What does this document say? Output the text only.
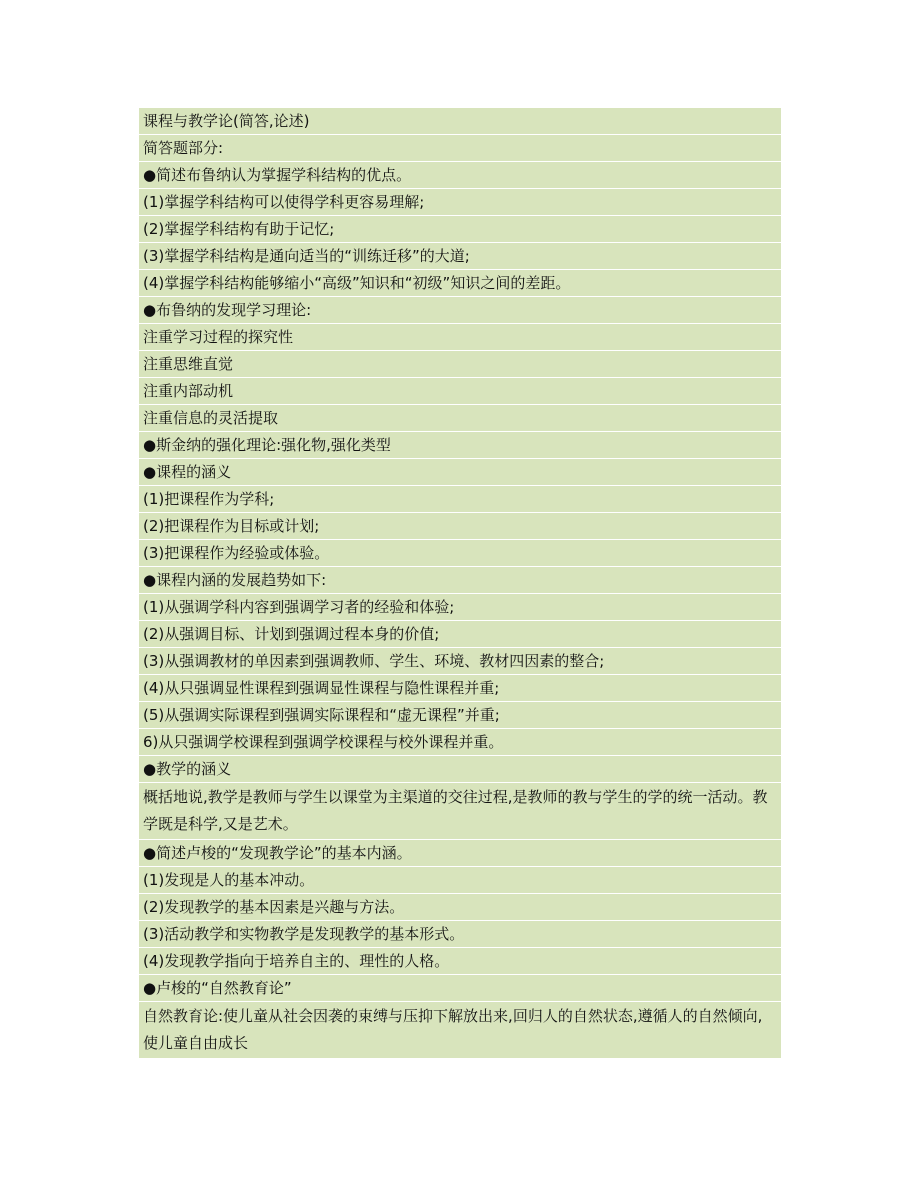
课程与教学论(简答,论述)
简答题部分:
●简述布鲁纳认为掌握学科结构的优点。
(1)掌握学科结构可以使得学科更容易理解;
(2)掌握学科结构有助于记忆;
(3)掌握学科结构是通向适当的“训练迁移”的大道;
(4)掌握学科结构能够缩小“高级”知识和“初级”知识之间的差距。
●布鲁纳的发现学习理论:
注重学习过程的探究性
注重思维直觉
注重内部动机
注重信息的灵活提取
●斯金纳的强化理论:强化物,强化类型
●课程的涵义
(1)把课程作为学科;
(2)把课程作为目标或计划;
(3)把课程作为经验或体验。
●课程内涵的发展趋势如下:
(1)从强调学科内容到强调学习者的经验和体验;
(2)从强调目标、计划到强调过程本身的价值;
(3)从强调教材的单因素到强调教师、学生、环境、教材四因素的整合;
(4)从只强调显性课程到强调显性课程与隐性课程并重;
(5)从强调实际课程到强调实际课程和“虚无课程”并重;
6)从只强调学校课程到强调学校课程与校外课程并重。
●教学的涵义
概括地说,教学是教师与学生以课堂为主渠道的交往过程,是教师的教与学生的学的统一活动。教学既是科学,又是艺术。
●简述卢梭的“发现教学论”的基本内涵。
(1)发现是人的基本冲动。
(2)发现教学的基本因素是兴趣与方法。
(3)活动教学和实物教学是发现教学的基本形式。
(4)发现教学指向于培养自主的、理性的人格。
●卢梭的“自然教育论”
自然教育论:使儿童从社会因袭的束缚与压抑下解放出来,回归人的自然状态,遵循人的自然倾向,使儿童自由成长
